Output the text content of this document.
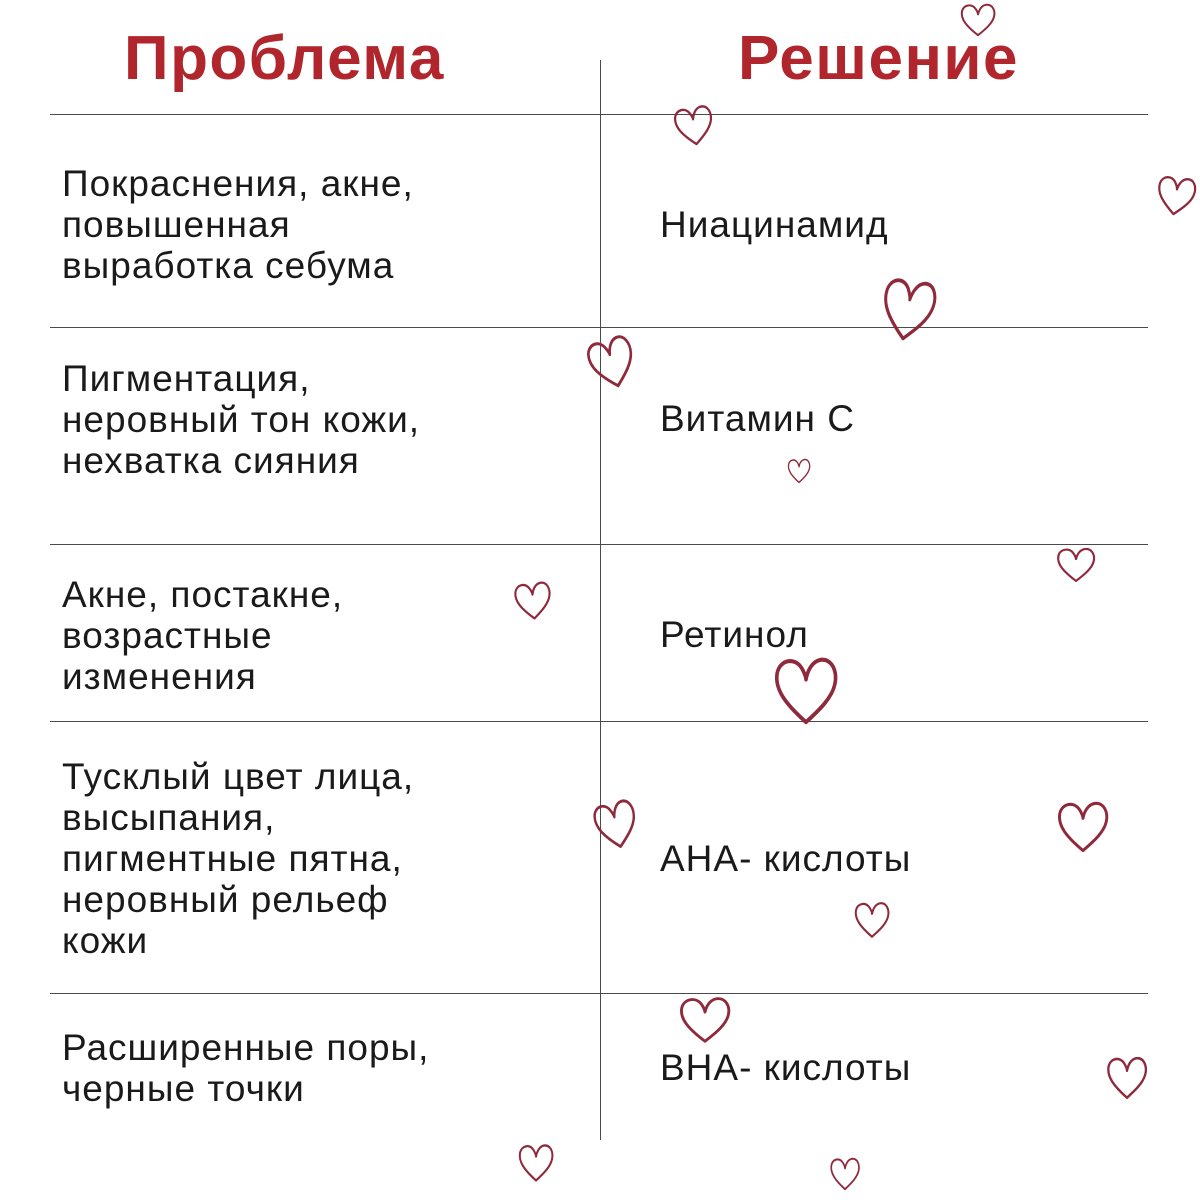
Проблема	Решение
Покраснения, акне,
повышенная
выработка себума
Ниацинамид
Пигментация,
неровный тон кожи,
нехватка сияния
Витамин С
Акне, постакне,
возрастные
изменения
Ретинол
Тусклый цвет лица,
высыпания,
пигментные пятна,
неровный рельеф
кожи
АНА- кислоты
Расширенные поры,
черные точки
BHA- кислоты
